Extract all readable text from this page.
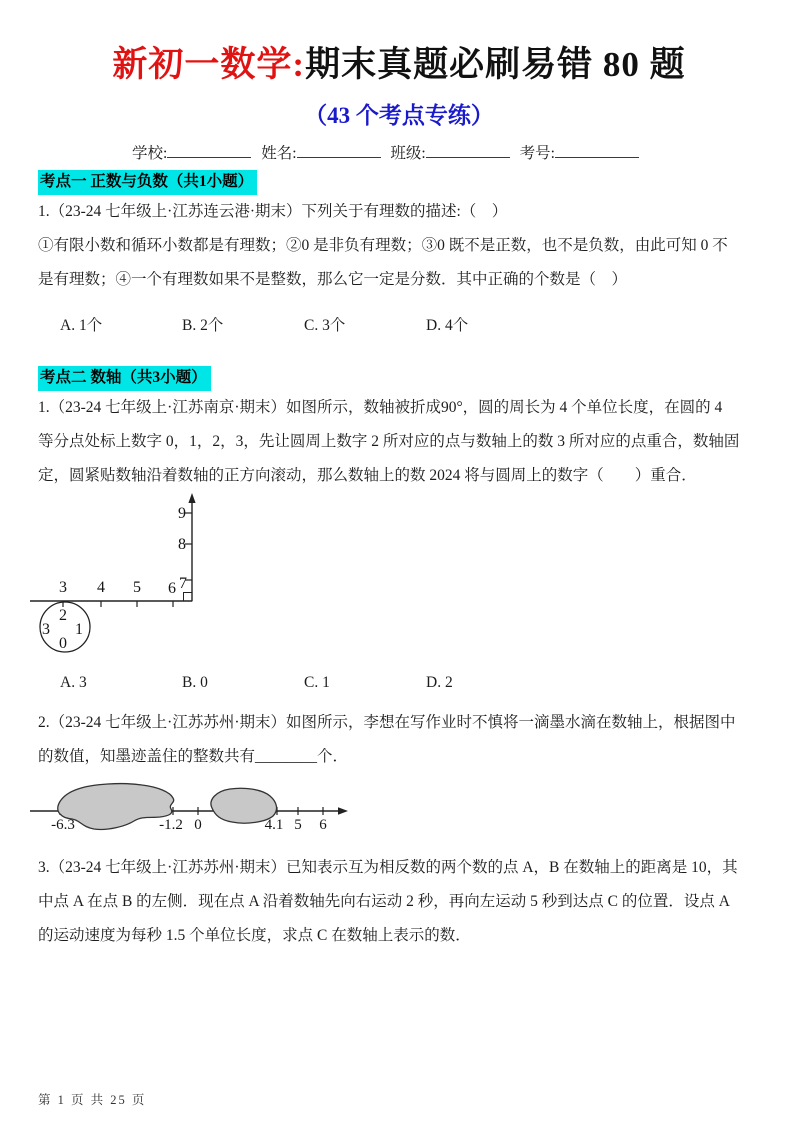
新初一数学:期末真题必刷易错 80 题
（43 个考点专练）
学校:	姓名:	班级:	考号:
考点一 正数与负数（共1小题）
1.（23-24 七年级上·江苏连云港·期末）下列关于有理数的描述:（　）
①有限小数和循环小数都是有理数；②0 是非负有理数；③0 既不是正数，也不是负数，由此可知 0 不
是有理数；④一个有理数如果不是整数，那么它一定是分数．其中正确的个数是（　）
A. 1个	B. 2个	C. 3个	D. 4个
考点二 数轴（共3小题）
1.（23-24 七年级上·江苏南京·期末）如图所示，数轴被折成90°，圆的周长为 4 个单位长度，在圆的 4
等分点处标上数字 0，1，2，3，先让圆周上数字 2 所对应的点与数轴上的数 3 所对应的点重合，数轴固
定，圆紧贴数轴沿着数轴的正方向滚动，那么数轴上的数 2024 将与圆周上的数字（　　）重合．
3 4 5 6
9
8
7
2
3 1
0
A. 3	B. 0	C. 1	D. 2
2.（23-24 七年级上·江苏苏州·期末）如图所示，李想在写作业时不慎将一滴墨水滴在数轴上，根据图中
的数值，知墨迹盖住的整数共有________个．
-6.3	-1.2 0	4.1 5 6
3.（23-24 七年级上·江苏苏州·期末）已知表示互为相反数的两个数的点 A，B 在数轴上的距离是 10，其
中点 A 在点 B 的左侧．现在点 A 沿着数轴先向右运动 2 秒，再向左运动 5 秒到达点 C 的位置．设点 A
的运动速度为每秒 1.5 个单位长度，求点 C 在数轴上表示的数．
第 1 页 共 25 页
